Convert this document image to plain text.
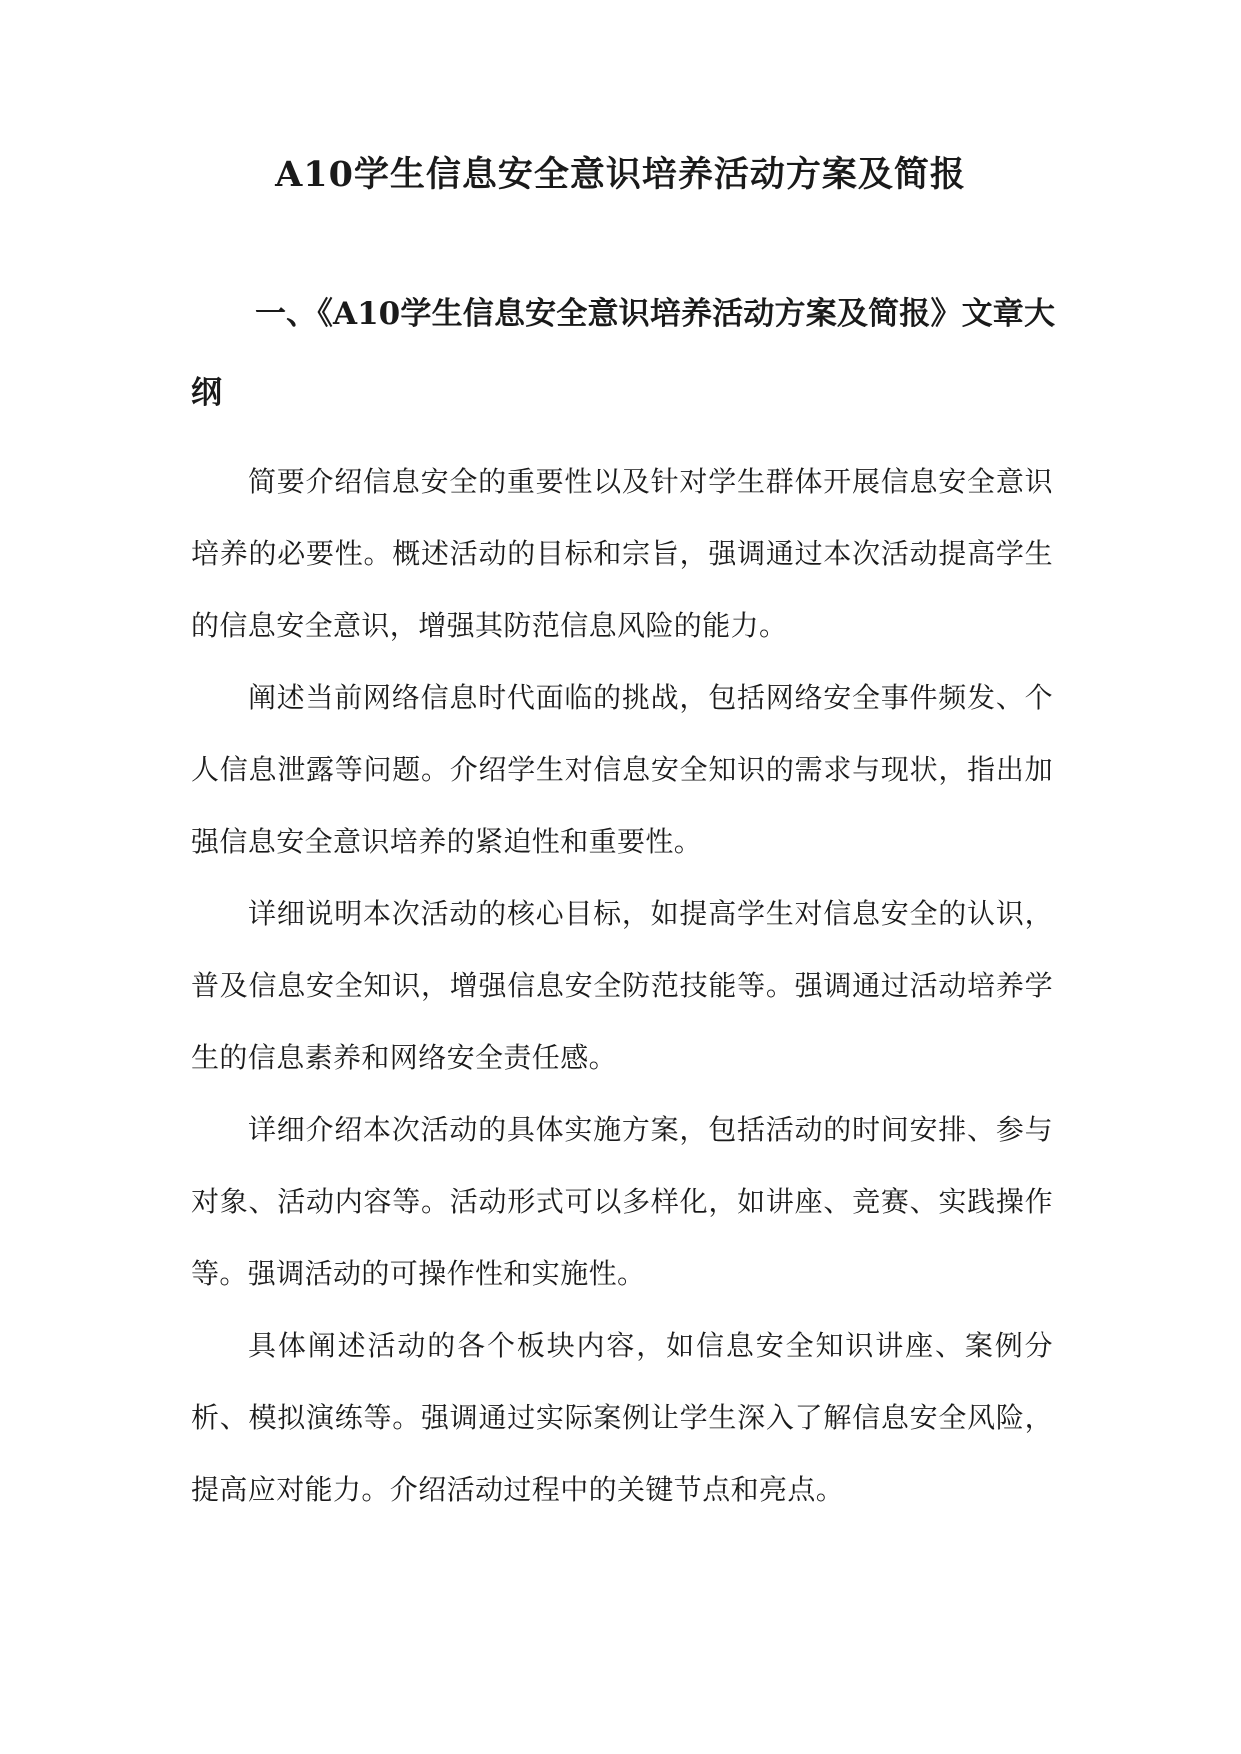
A10学生信息安全意识培养活动方案及简报
一、《A10学生信息安全意识培养活动方案及简报》文章大纲

简要介绍信息安全的重要性以及针对学生群体开展信息安全意识培养的必要性。概述活动的目标和宗旨，强调通过本次活动提高学生的信息安全意识，增强其防范信息风险的能力。

阐述当前网络信息时代面临的挑战，包括网络安全事件频发、个人信息泄露等问题。介绍学生对信息安全知识的需求与现状，指出加强信息安全意识培养的紧迫性和重要性。

详细说明本次活动的核心目标，如提高学生对信息安全的认识，普及信息安全知识，增强信息安全防范技能等。强调通过活动培养学生的信息素养和网络安全责任感。

详细介绍本次活动的具体实施方案，包括活动的时间安排、参与对象、活动内容等。活动形式可以多样化，如讲座、竞赛、实践操作等。强调活动的可操作性和实施性。

具体阐述活动的各个板块内容，如信息安全知识讲座、案例分析、模拟演练等。强调通过实际案例让学生深入了解信息安全风险，提高应对能力。介绍活动过程中的关键节点和亮点。
